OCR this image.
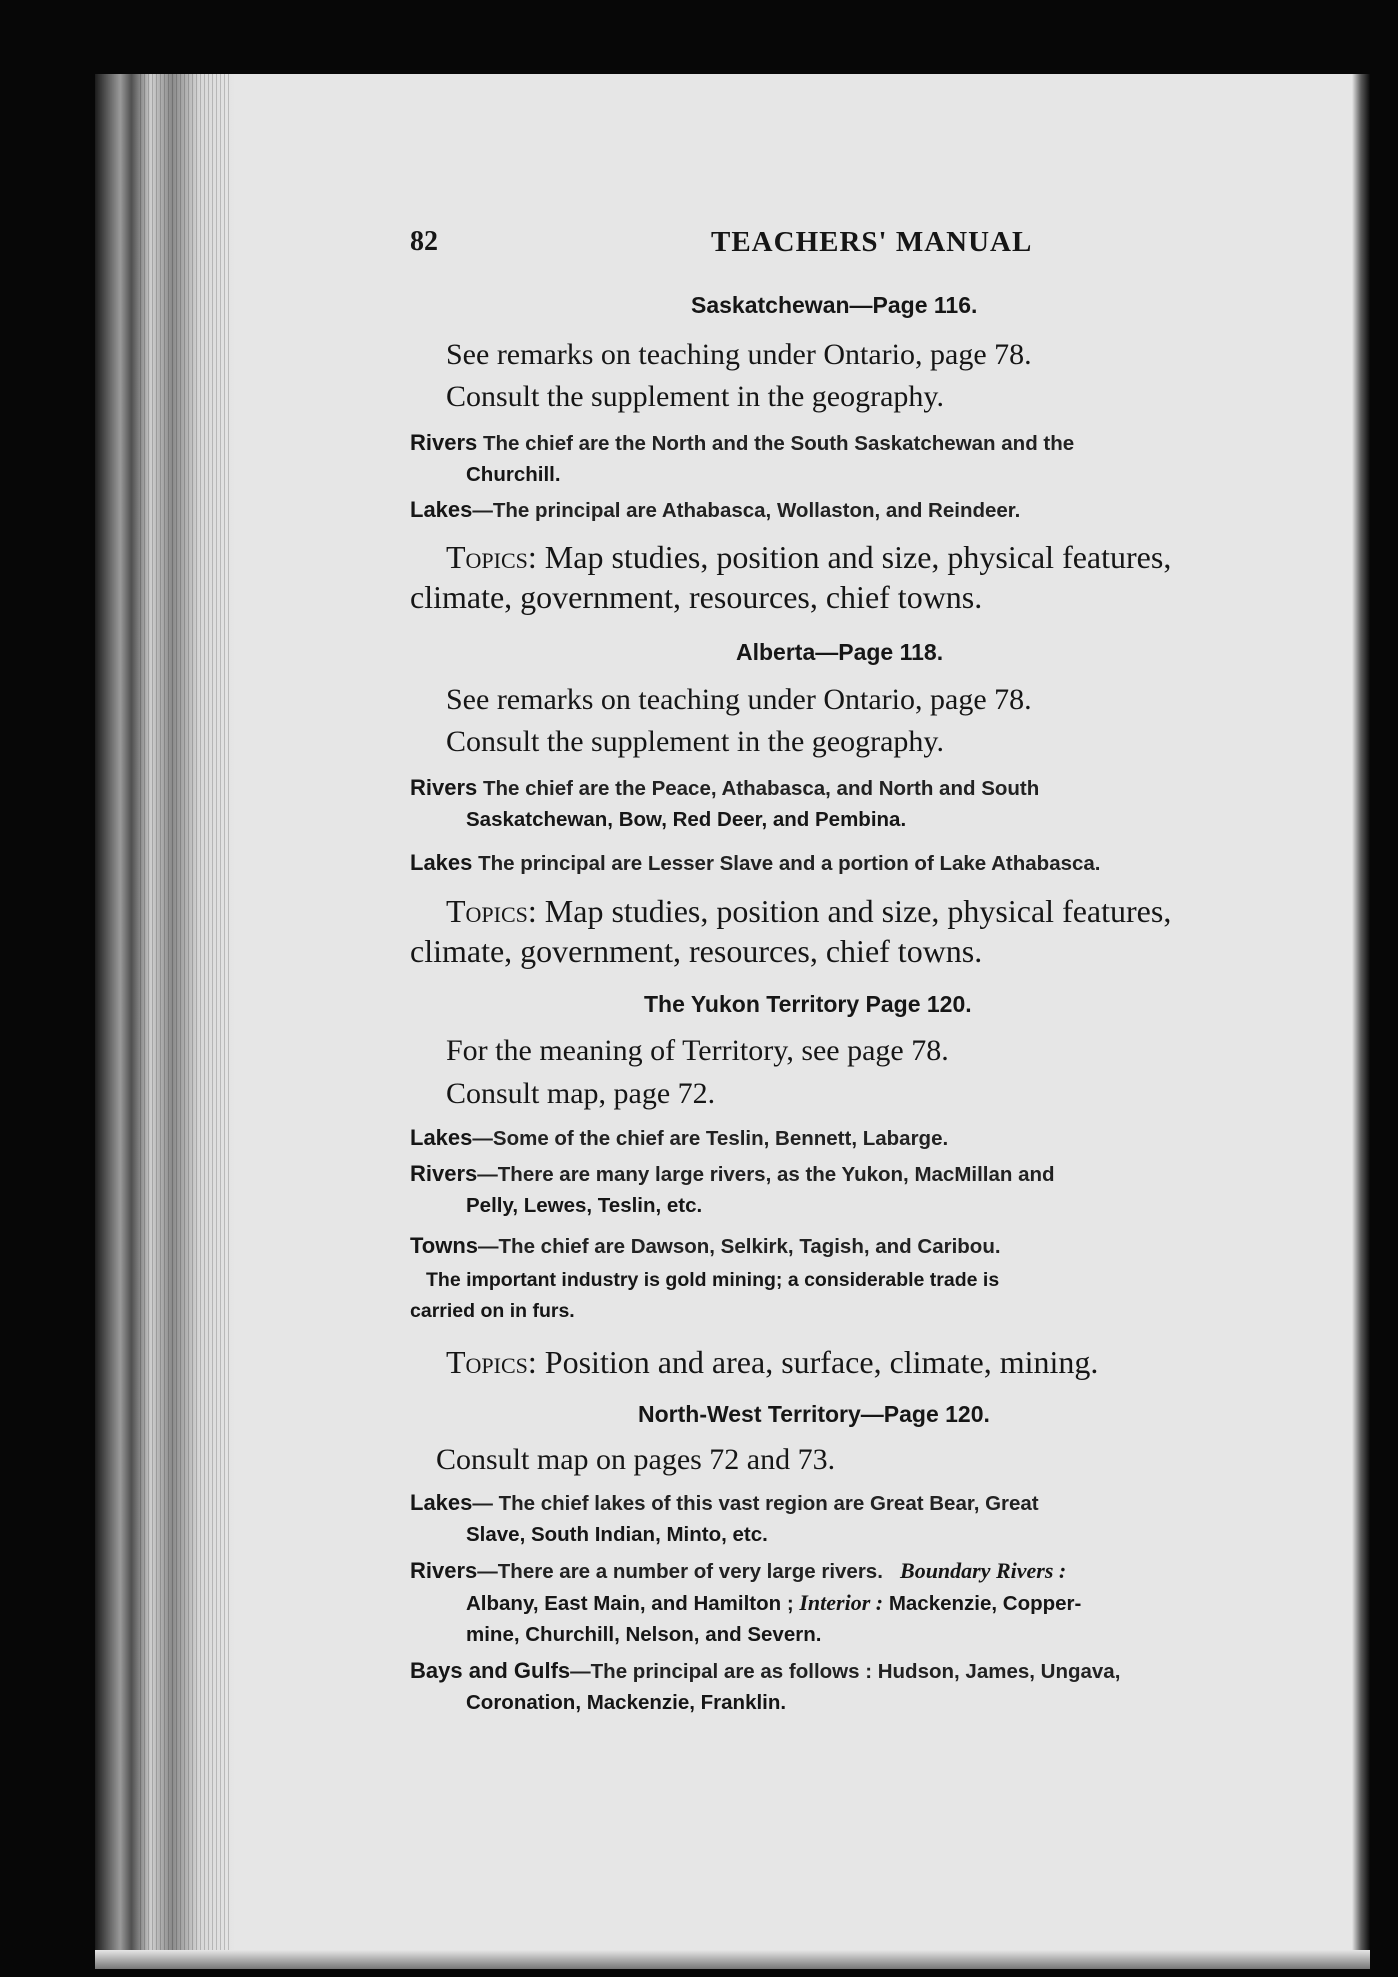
82	TEACHERS' MANUAL
Saskatchewan—Page 116.
See remarks on teaching under Ontario, page 78.
Consult the supplement in the geography.
Rivers The chief are the North and the South Saskatchewan and the
Churchill.
Lakes—The principal are Athabasca, Wollaston, and Reindeer.
Topics: Map studies, position and size, physical features,
climate, government, resources, chief towns.
Alberta—Page 118.
See remarks on teaching under Ontario, page 78.
Consult the supplement in the geography.
Rivers The chief are the Peace, Athabasca, and North and South
Saskatchewan, Bow, Red Deer, and Pembina.
Lakes The principal are Lesser Slave and a portion of Lake Athabasca.
Topics: Map studies, position and size, physical features,
climate, government, resources, chief towns.
The Yukon Territory Page 120.
For the meaning of Territory, see page 78.
Consult map, page 72.
Lakes—Some of the chief are Teslin, Bennett, Labarge.
Rivers—There are many large rivers, as the Yukon, MacMillan and
Pelly, Lewes, Teslin, etc.
Towns—The chief are Dawson, Selkirk, Tagish, and Caribou.
The important industry is gold mining; a considerable trade is
carried on in furs.
Topics: Position and area, surface, climate, mining.
North-West Territory—Page 120.
Consult map on pages 72 and 73.
Lakes— The chief lakes of this vast region are Great Bear, Great
Slave, South Indian, Minto, etc.
Rivers—There are a number of very large rivers. Boundary Rivers :
Albany, East Main, and Hamilton ; Interior : Mackenzie, Copper-
mine, Churchill, Nelson, and Severn.
Bays and Gulfs—The principal are as follows : Hudson, James, Ungava,
Coronation, Mackenzie, Franklin.
